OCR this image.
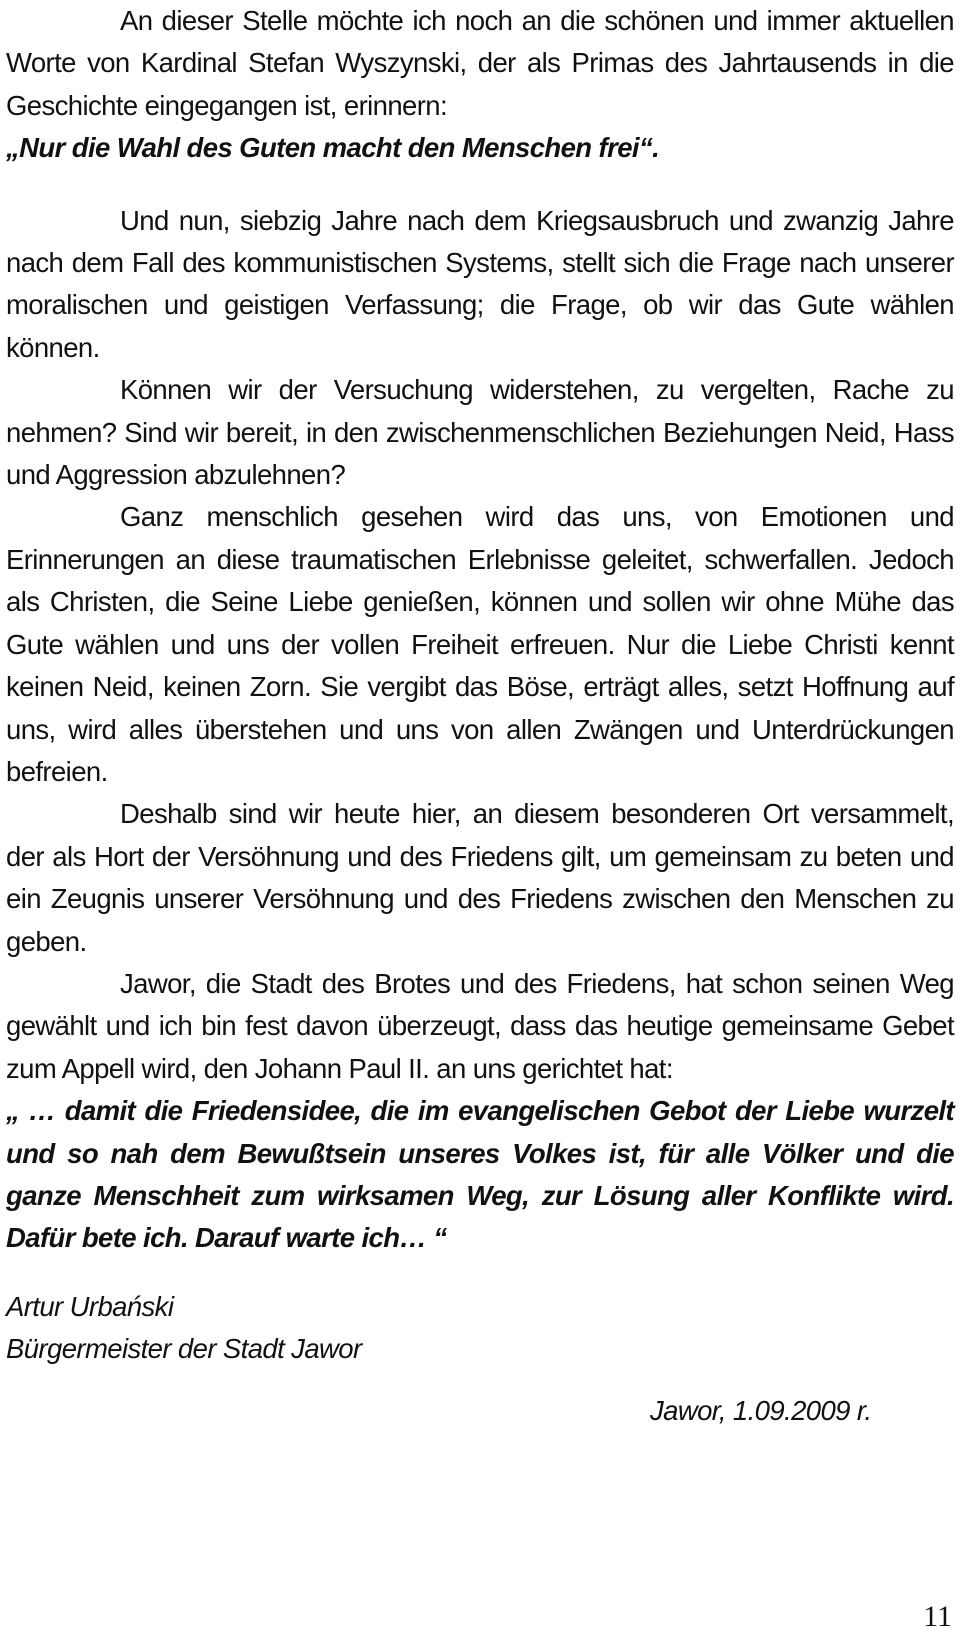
An dieser Stelle möchte ich noch an die schönen und immer aktuellen Worte von Kardinal Stefan Wyszynski, der als Primas des Jahrtausends in die Geschichte eingegangen ist, erinnern:

„Nur die Wahl des Guten macht den Menschen frei“.

Und nun, siebzig Jahre nach dem Kriegsausbruch und zwanzig Jahre nach dem Fall des kommunistischen Systems, stellt sich die Frage nach unserer moralischen und geistigen Verfassung; die Frage, ob wir das Gute wählen können.

Können wir der Versuchung widerstehen, zu vergelten, Rache zu nehmen? Sind wir bereit, in den zwischenmenschlichen Beziehungen Neid, Hass und Aggression abzulehnen?

Ganz menschlich gesehen wird das uns, von Emotionen und Erinnerungen an diese traumatischen Erlebnisse geleitet, schwerfallen. Jedoch als Christen, die Seine Liebe genießen, können und sollen wir ohne Mühe das Gute wählen und uns der vollen Freiheit erfreuen. Nur die Liebe Christi kennt keinen Neid, keinen Zorn. Sie vergibt das Böse, erträgt alles, setzt Hoffnung auf uns, wird alles überstehen und uns von allen Zwängen und Unterdrückungen befreien.

Deshalb sind wir heute hier, an diesem besonderen Ort versammelt, der als Hort der Versöhnung und des Friedens gilt, um gemeinsam zu beten und ein Zeugnis unserer Versöhnung und des Friedens zwischen den Menschen zu geben.

Jawor, die Stadt des Brotes und des Friedens, hat schon seinen Weg gewählt und ich bin fest davon überzeugt, dass das heutige gemeinsame Gebet zum Appell wird, den Johann Paul II. an uns gerichtet hat:

„ … damit die Friedensidee, die im evangelischen Gebot der Liebe wurzelt und so nah dem Bewußtsein unseres Volkes ist, für alle Völker und die ganze Menschheit zum wirksamen Weg, zur Lösung aller Konflikte wird. Dafür bete ich. Darauf warte ich… “

Artur Urbański

Bürgermeister der Stadt Jawor

Jawor, 1.09.2009 r.

11
